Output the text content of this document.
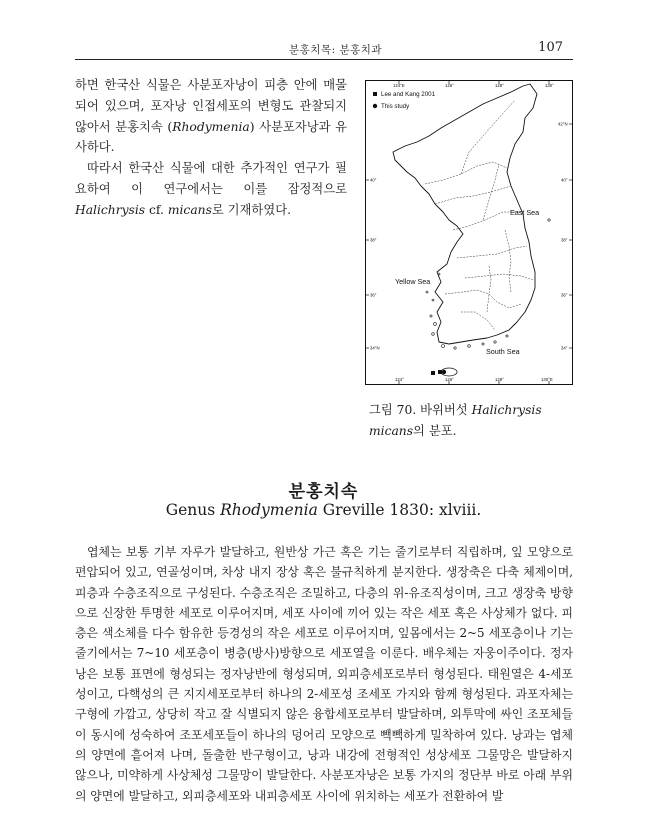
분홍치목: 분홍치과	107

하면 한국산 식물은 사분포자낭이 피층 안에 매몰되어 있으며, 포자낭 인접세포의 변형도 관찰되지 않아서 분홍치속 (Rhodymenia) 사분포자낭과 유사하다.

따라서 한국산 식물에 대한 추가적인 연구가 필요하여 이 연구에서는 이를 잠정적으로 Halichrysis cf. micans로 기재하였다.

124°E	126°	128°	130°
124°	126°	128°	130°E
40°
38°
36°
34°N
42°N
40°
38°
36°
34°
Lee and Kang 2001
This study
East Sea
Yellow Sea
South Sea
그림 70. 바위버섯 Halichrysis micans의 분포.
분홍치속
Genus Rhodymenia Greville 1830: xlviii.

엽체는 보통 기부 자루가 발달하고, 원반상 가근 혹은 기는 줄기로부터 직립하며, 잎 모양으로 편압되어 있고, 연골성이며, 차상 내지 장상 혹은 불규칙하게 분지한다. 생장축은 다축 체제이며, 피층과 수층조직으로 구성된다. 수층조직은 조밀하고, 다층의 위-유조직성이며, 크고 생장축 방향으로 신장한 투명한 세포로 이루어지며, 세포 사이에 끼어 있는 작은 세포 혹은 사상체가 없다. 피층은 색소체를 다수 함유한 등경성의 작은 세포로 이루어지며, 잎몸에서는 2~5 세포층이나 기는 줄기에서는 7~10 세포층이 병층(방사)방향으로 세포열을 이룬다. 배우체는 자웅이주이다. 정자낭은 보통 표면에 형성되는 정자낭반에 형성되며, 외피층세포로부터 형성된다. 태원열은 4-세포성이고, 다핵성의 큰 지지세포로부터 하나의 2-세포성 조세포 가지와 함께 형성된다. 과포자체는 구형에 가깝고, 상당히 작고 잘 식별되지 않은 융합세포로부터 발달하며, 외투막에 싸인 조포체들이 동시에 성숙하여 조포세포들이 하나의 덩어리 모양으로 빽빽하게 밀착하여 있다. 낭과는 엽체의 양면에 흩어져 나며, 돌출한 반구형이고, 낭과 내강에 전형적인 성상세포 그물망은 발달하지 않으나, 미약하게 사상체성 그물망이 발달한다. 사분포자낭은 보통 가지의 정단부 바로 아래 부위의 양면에 발달하고, 외피층세포와 내피층세포 사이에 위치하는 세포가 전환하여 발
